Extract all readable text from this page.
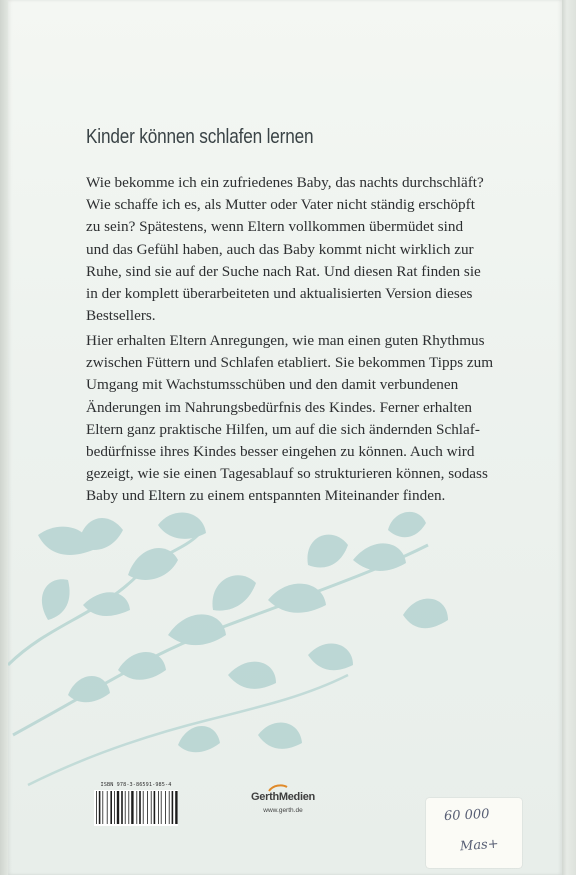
Kinder können schlafen lernen
Wie bekomme ich ein zufriedenes Baby, das nachts durchschläft?
Wie schaffe ich es, als Mutter oder Vater nicht ständig erschöpft
zu sein? Spätestens, wenn Eltern vollkommen übermüdet sind
und das Gefühl haben, auch das Baby kommt nicht wirklich zur
Ruhe, sind sie auf der Suche nach Rat. Und diesen Rat finden sie
in der komplett überarbeiteten und aktualisierten Version dieses
Bestsellers.
Hier erhalten Eltern Anregungen, wie man einen guten Rhythmus
zwischen Füttern und Schlafen etabliert. Sie bekommen Tipps zum
Umgang mit Wachstumsschüben und den damit verbundenen
Änderungen im Nahrungsbedürfnis des Kindes. Ferner erhalten
Eltern ganz praktische Hilfen, um auf die sich ändernden Schlaf-
bedürfnisse ihres Kindes besser eingehen zu können. Auch wird
gezeigt, wie sie einen Tagesablauf so strukturieren können, sodass
Baby und Eltern zu einem entspannten Miteinander finden.
ISBN 978-3-86591-985-4
GerthMedien
www.gerth.de	60 000
Mas+
